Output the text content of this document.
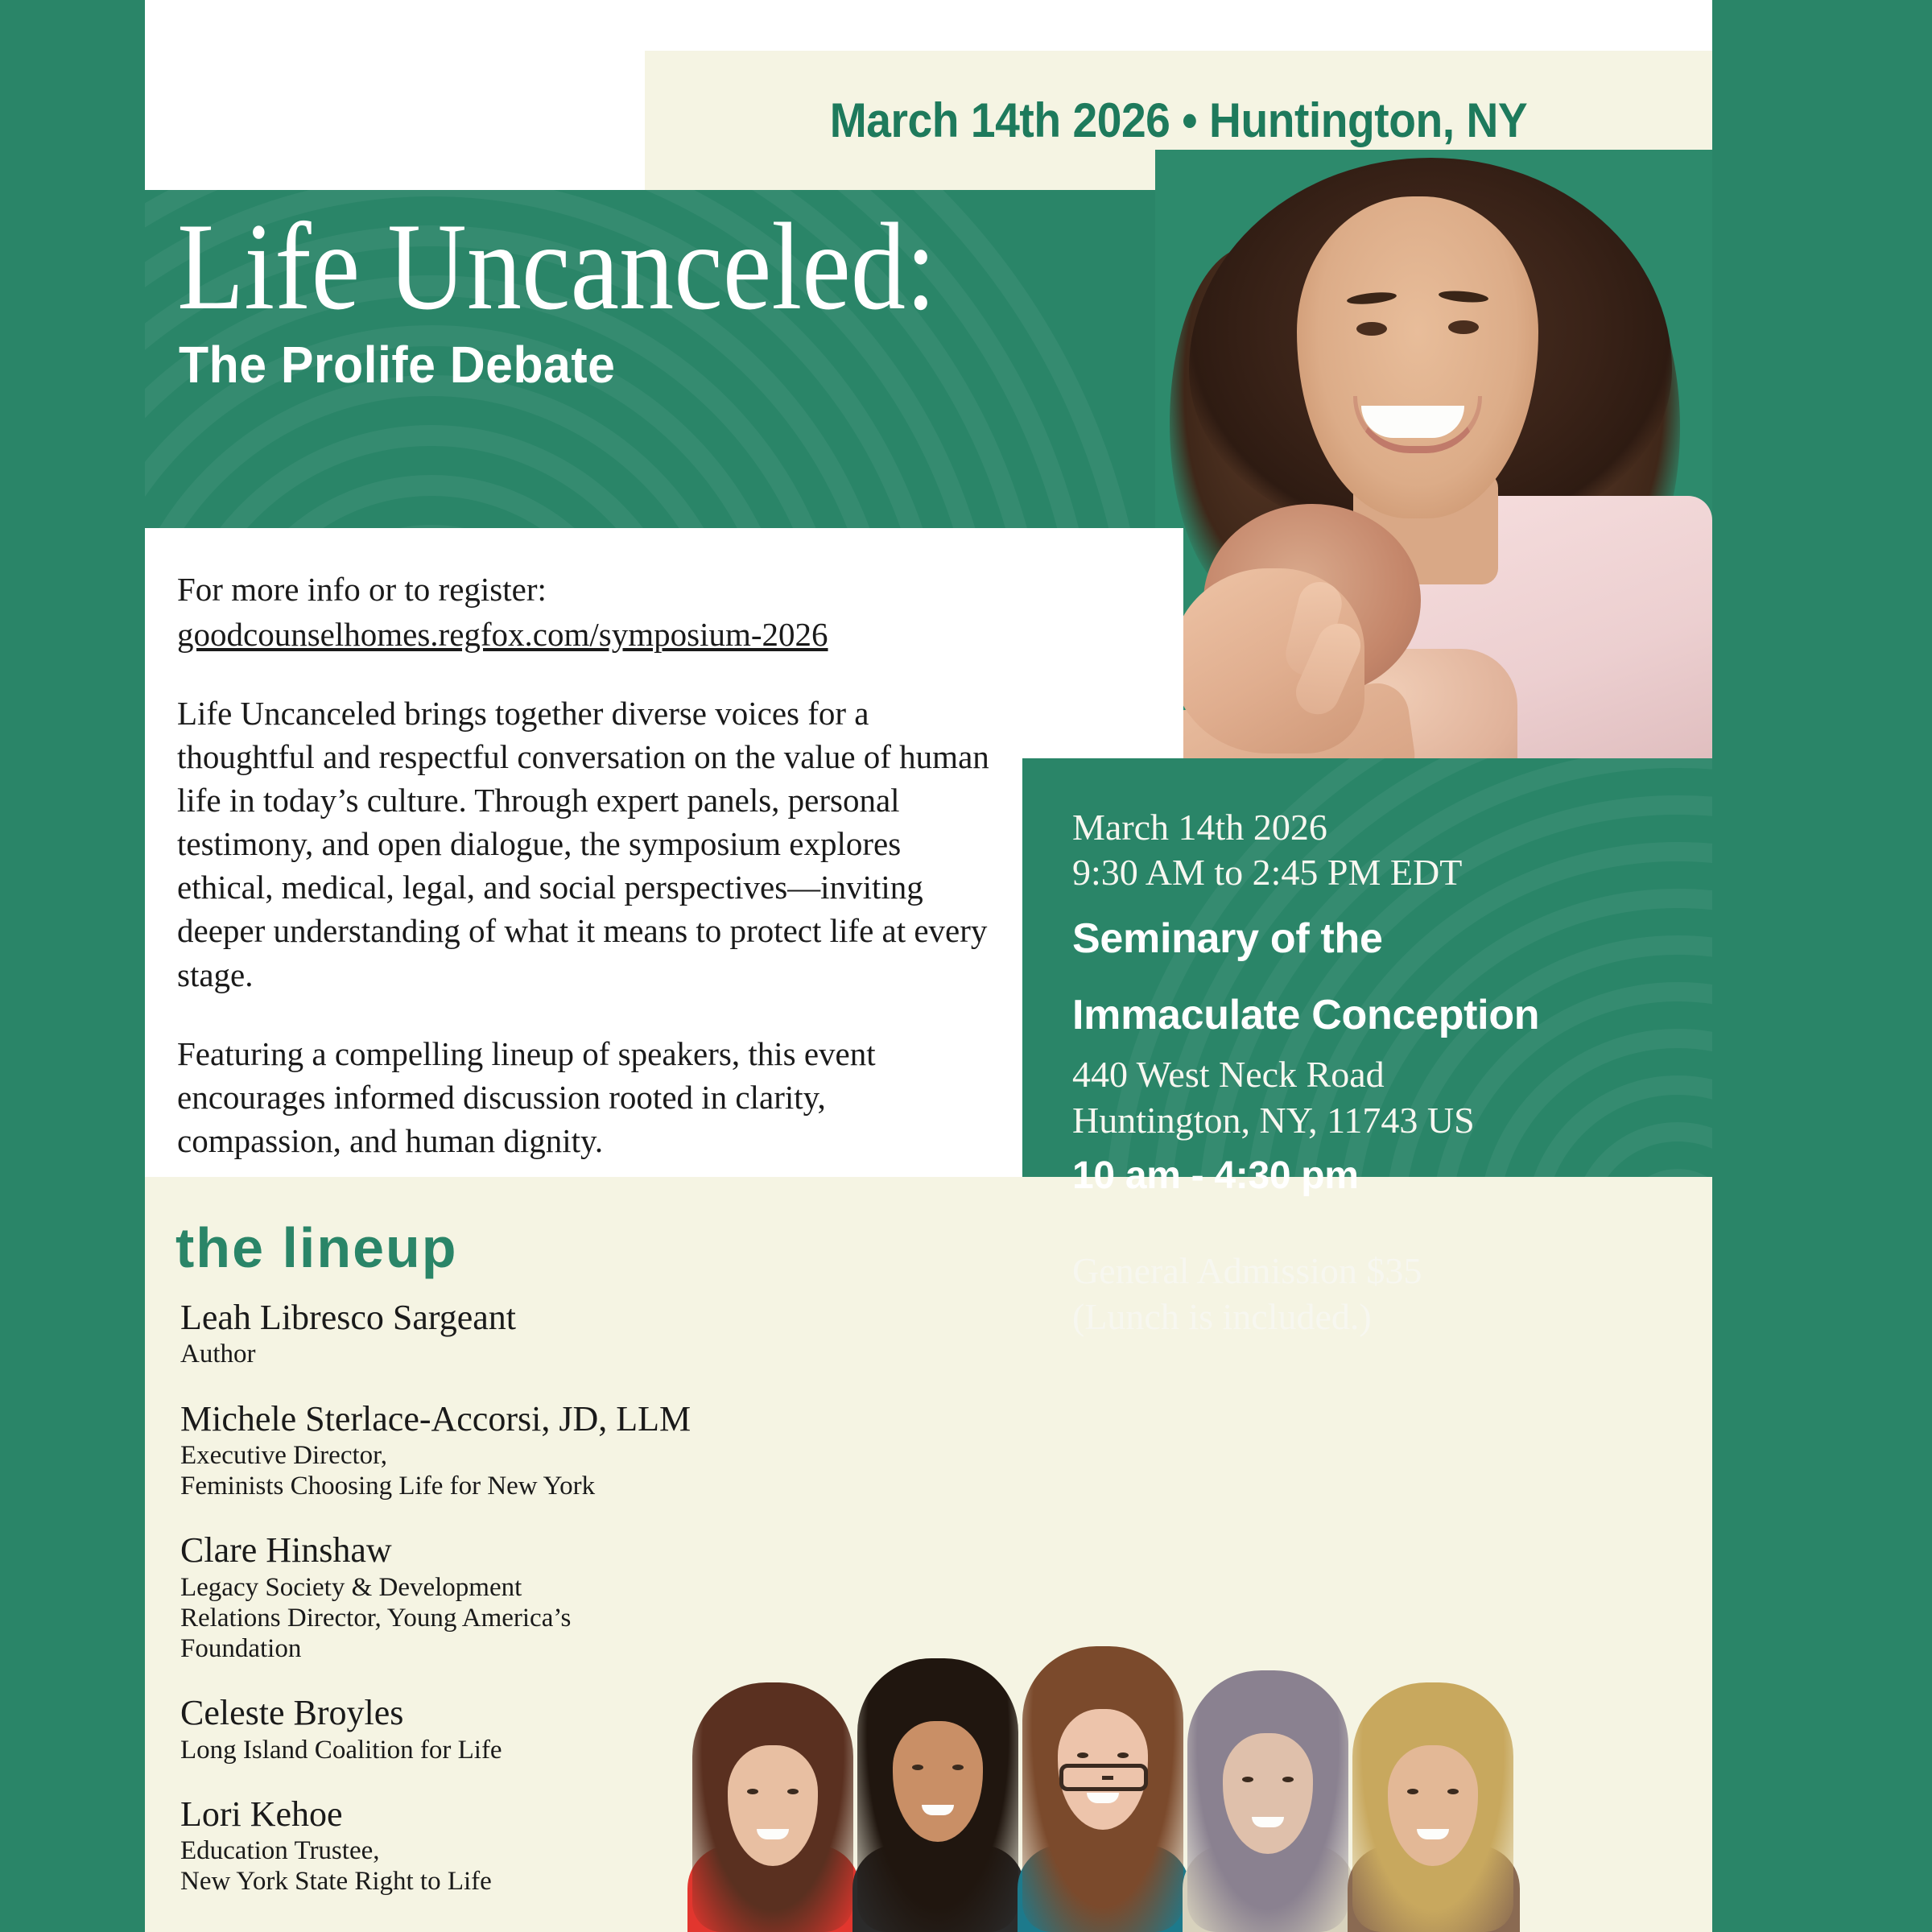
March 14th 2026 • Huntington, NY
Life Uncanceled:
The Prolife Debate
For more info or to register:
goodcounselhomes.regfox.com/symposium-2026

Life Uncanceled brings together diverse voices for a thoughtful and respectful conversation on the value of human life in today’s culture. Through expert panels, personal testimony, and open dialogue, the symposium explores ethical, medical, legal, and social perspectives—inviting deeper understanding of what it means to protect life at every stage.

Featuring a compelling lineup of speakers, this event encourages informed discussion rooted in clarity, compassion, and human dignity.

March 14th 2026

9:30 AM to 2:45 PM EDT

Seminary of the

Immaculate Conception

440 West Neck Road

Huntington, NY, 11743 US

10 am - 4:30 pm

General Admission $35

(Lunch is included.)

the lineup

Leah Libresco Sargeant

Author

Michele Sterlace-Accorsi, JD, LLM

Executive Director,
Feminists Choosing Life for New York

Clare Hinshaw

Legacy Society & Development
Relations Director, Young America’s
Foundation

Celeste Broyles

Long Island Coalition for Life

Lori Kehoe

Education Trustee,
New York State Right to Life
